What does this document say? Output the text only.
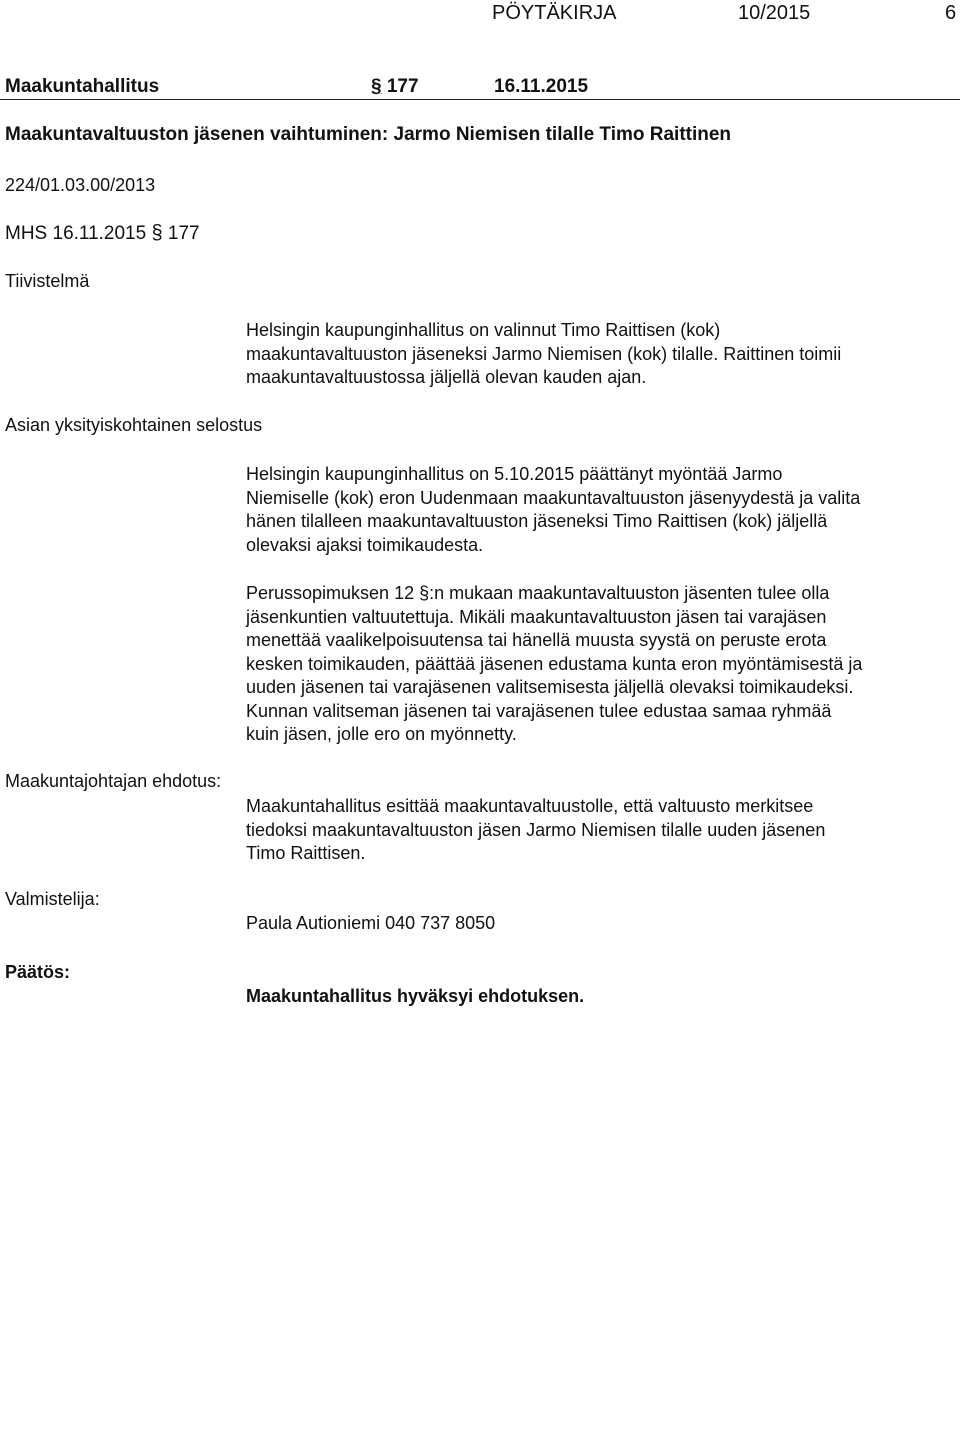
PÖYTÄKIRJA	10/2015	6
Maakuntahallitus	§ 177	16.11.2015
Maakuntavaltuuston jäsenen vaihtuminen: Jarmo Niemisen tilalle Timo Raittinen
224/01.03.00/2013
MHS 16.11.2015 § 177
Tiivistelmä
Helsingin kaupunginhallitus on valinnut Timo Raittisen (kok)
maakuntavaltuuston jäseneksi Jarmo Niemisen (kok) tilalle. Raittinen toimii
maakuntavaltuustossa jäljellä olevan kauden ajan.
Asian yksityiskohtainen selostus
Helsingin kaupunginhallitus on 5.10.2015 päättänyt myöntää Jarmo
Niemiselle (kok) eron Uudenmaan maakuntavaltuuston jäsenyydestä ja valita
hänen tilalleen maakuntavaltuuston jäseneksi Timo Raittisen (kok) jäljellä
olevaksi ajaksi toimikaudesta.
Perussopimuksen 12 §:n mukaan maakuntavaltuuston jäsenten tulee olla
jäsenkuntien valtuutettuja. Mikäli maakuntavaltuuston jäsen tai varajäsen
menettää vaalikelpoisuutensa tai hänellä muusta syystä on peruste erota
kesken toimikauden, päättää jäsenen edustama kunta eron myöntämisestä ja
uuden jäsenen tai varajäsenen valitsemisesta jäljellä olevaksi toimikaudeksi.
Kunnan valitseman jäsenen tai varajäsenen tulee edustaa samaa ryhmää
kuin jäsen, jolle ero on myönnetty.
Maakuntajohtajan ehdotus:
Maakuntahallitus esittää maakuntavaltuustolle, että valtuusto merkitsee
tiedoksi maakuntavaltuuston jäsen Jarmo Niemisen tilalle uuden jäsenen
Timo Raittisen.
Valmistelija:
Paula Autioniemi 040 737 8050
Päätös:
Maakuntahallitus hyväksyi ehdotuksen.
